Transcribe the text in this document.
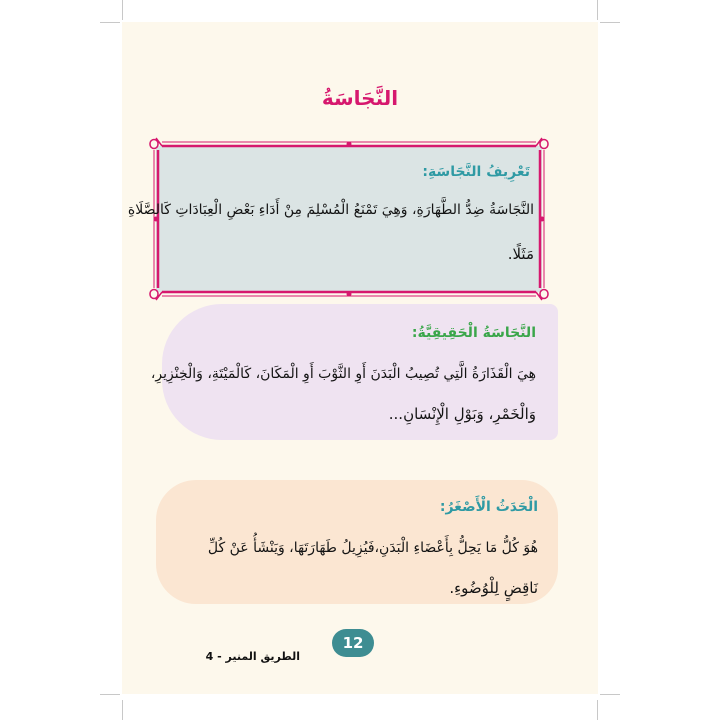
النَّجَاسَةُ
تَعْرِيفُ النَّجَاسَةِ:
النَّجَاسَةُ ضِدُّ الطَّهَارَةِ، وَهِيَ تَمْنَعُ الْمُسْلِمَ مِنْ أَدَاءِ بَعْضِ الْعِبَادَاتِ كَالصَّلَاةِ
مَثَلًا.
النَّجَاسَةُ الْحَقِيقِيَّةُ:
هِيَ الْقَذَارَةُ الَّتِي تُصِيبُ الْبَدَنَ أَوِ الثَّوْبَ أَوِ الْمَكَانَ، كَالْمَيْتَةِ، وَالْخِنْزِيرِ،
وَالْخَمْرِ، وَبَوْلِ الْإِنْسَانِ...
الْحَدَثُ الْأَصْغَرُ:
هُوَ كُلُّ مَا يَحِلُّ بِأَعْضَاءِ الْبَدَنِ،فَيُزِيلُ طَهَارَتَهَا، وَيَنْشَأُ عَنْ كُلِّ
نَاقِضٍ لِلْوُضُوءِ.
12
الطريق المنير - 4
